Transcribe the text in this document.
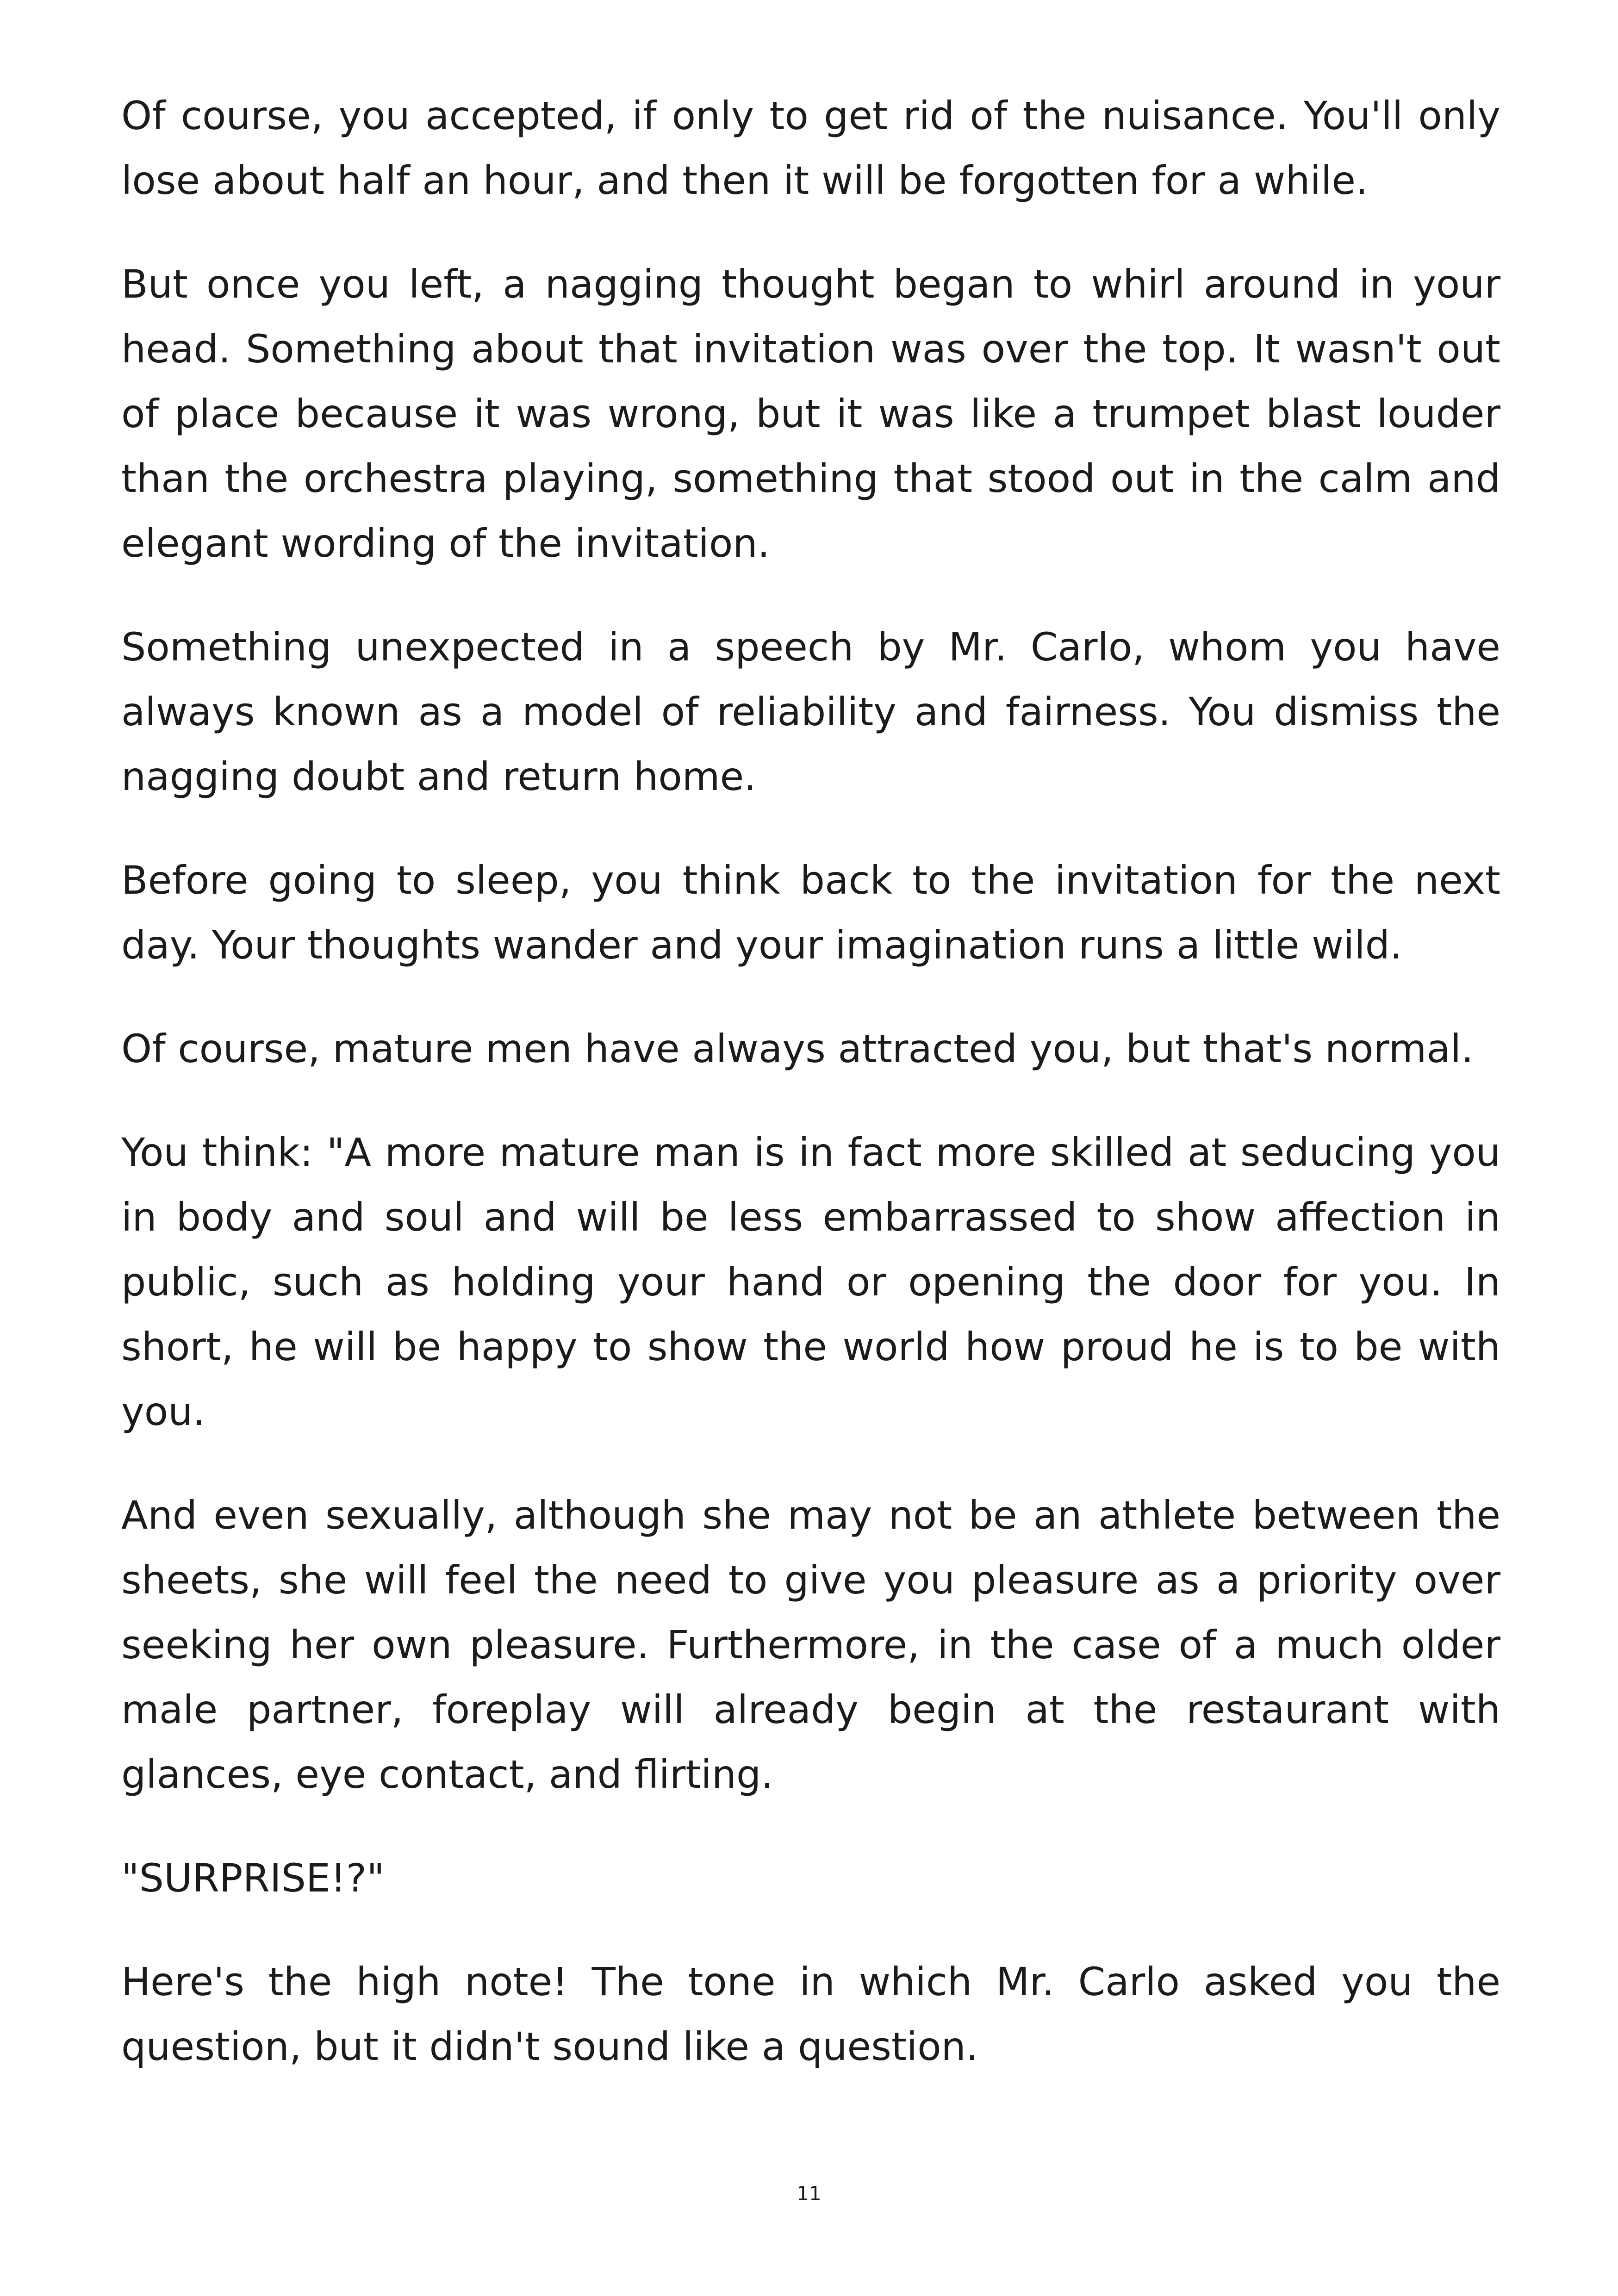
Of course, you accepted, if only to get rid of the nuisance. You'll only lose about half an hour, and then it will be forgotten for a while.

But once you left, a nagging thought began to whirl around in your head. Something about that invitation was over the top. It wasn't out of place because it was wrong, but it was like a trumpet blast louder than the orchestra playing, something that stood out in the calm and elegant wording of the invitation.

Something unexpected in a speech by Mr. Carlo, whom you have always known as a model of reliability and fairness. You dismiss the nagging doubt and return home.

Before going to sleep, you think back to the invitation for the next day. Your thoughts wander and your imagination runs a little wild.

Of course, mature men have always attracted you, but that's normal.

You think: "A more mature man is in fact more skilled at seducing you in body and soul and will be less embarrassed to show affection in public, such as holding your hand or opening the door for you. In short, he will be happy to show the world how proud he is to be with you.

And even sexually, although she may not be an athlete between the sheets, she will feel the need to give you pleasure as a priority over seeking her own pleasure. Furthermore, in the case of a much older male partner, foreplay will already begin at the restaurant with glances, eye contact, and flirting.

"SURPRISE!?"

Here's the high note! The tone in which Mr. Carlo asked you the question, but it didn't sound like a question.

11
